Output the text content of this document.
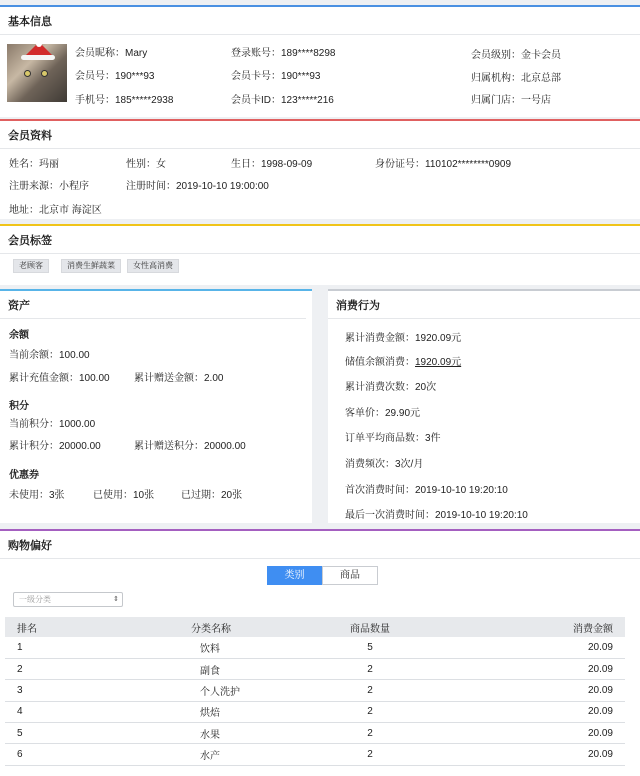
基本信息
会员昵称：Mary
会员号：190***93
手机号：185*****2938
登录账号：189****8298
会员卡号：190***93
会员卡ID：123*****216
会员级别：金卡会员
归属机构：北京总部
归属门店：一号店
会员资料
姓名：玛丽	性别：女	生日：1998-09-09	身份证号：110102********0909
注册来源：小程序	注册时间：2019-10-10 19:00:00
地址：北京市 海淀区
会员标签
老顾客	消费生鲜蔬菜	女性高消费
资产
余额
当前余额：100.00
累计充值金额：100.00 累计赠送金额：2.00
积分
当前积分：1000.00
累计积分：20000.00	累计赠送积分：20000.00
优惠券
未使用：3张	已使用：10张	已过期：20张
消费行为
累计消费金额：1920.09元
储值余额消费：1920.09元
累计消费次数：20次
客单价：29.90元
订单平均商品数：3件
消费频次：3次/月
首次消费时间：2019-10-10 19:20:10
最后一次消费时间：2019-10-10 19:20:10
购物偏好
类别	商品
一级分类	⇕
排名	分类名称	商品数量	消费金额
1	饮料	5	20.09
2	副食	2	20.09
3	个人洗护	2	20.09
4	烘焙	2	20.09
5	水果	2	20.09
6	水产	2	20.09
